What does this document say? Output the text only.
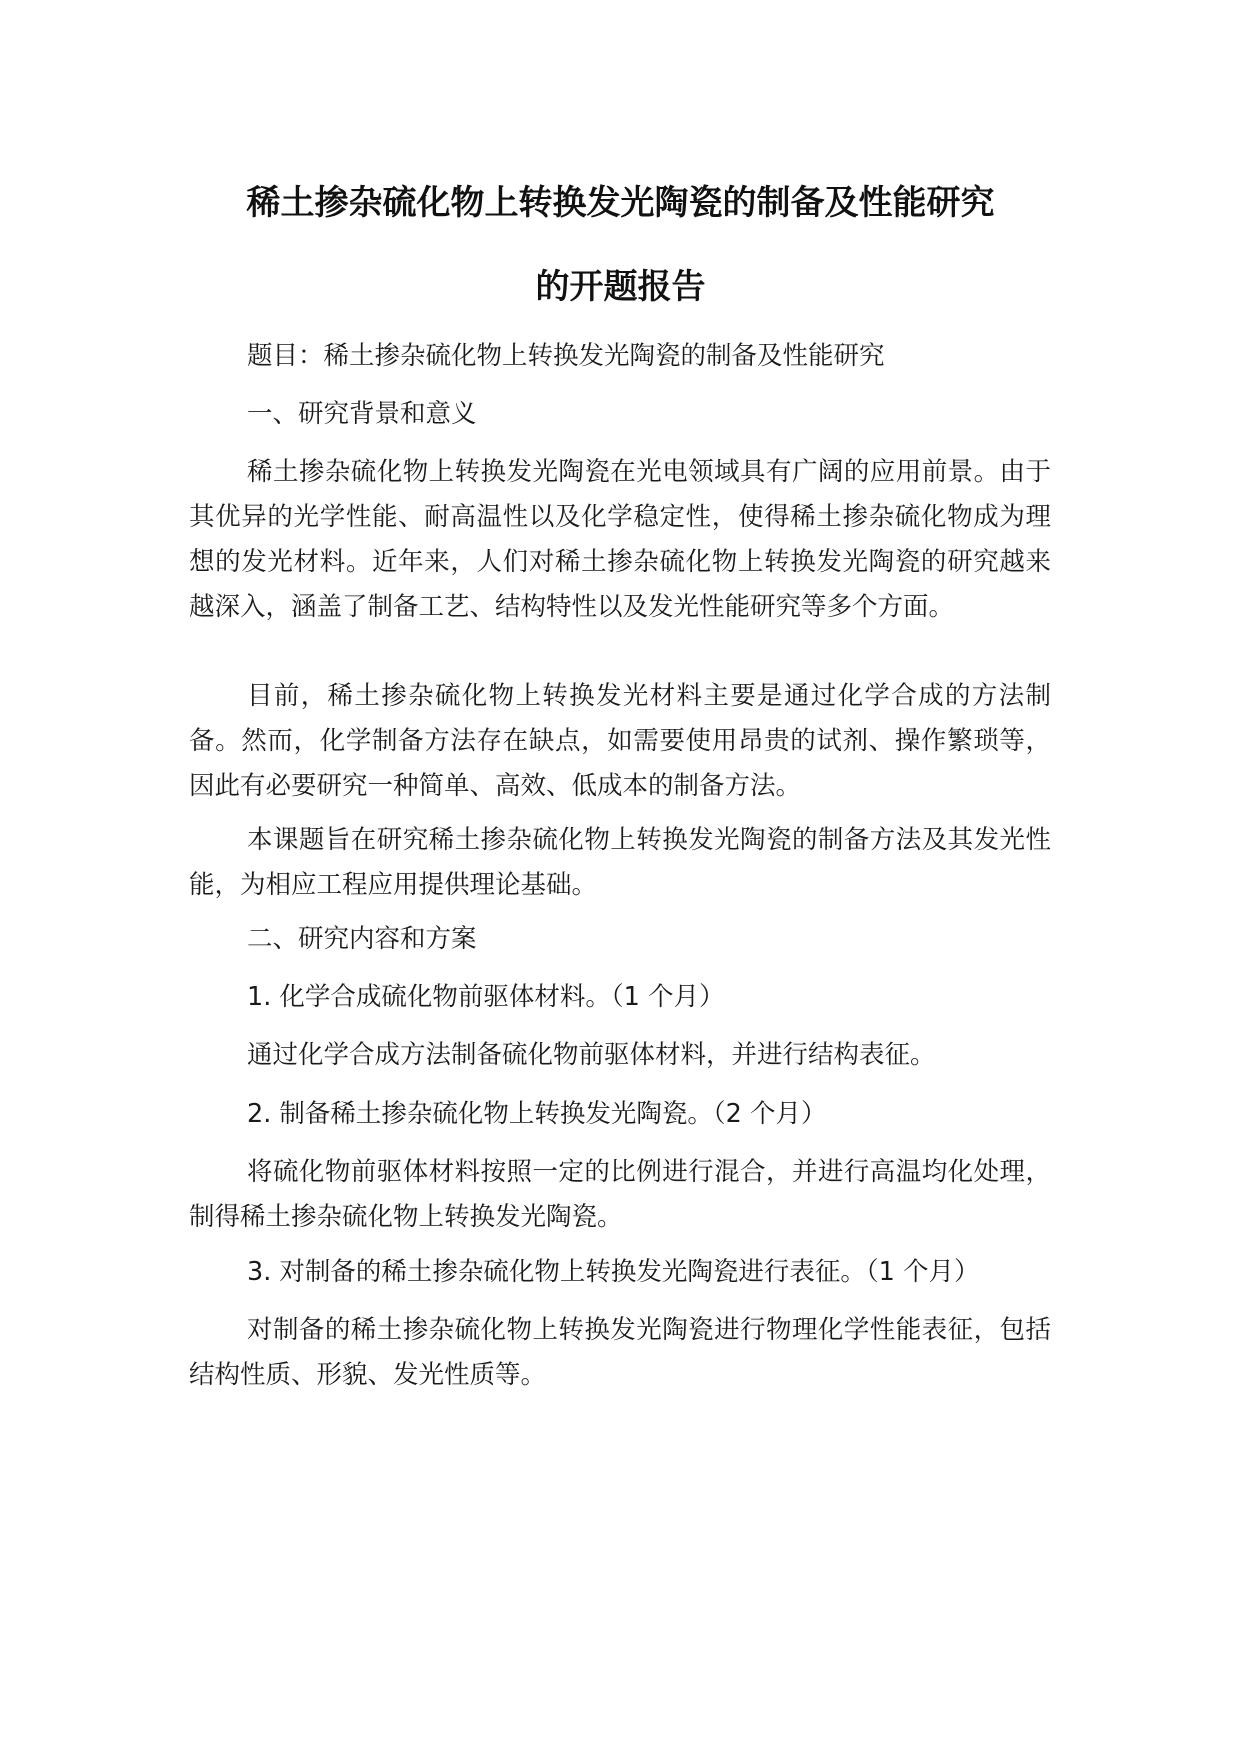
稀土掺杂硫化物上转换发光陶瓷的制备及性能研究
的开题报告

题目：稀土掺杂硫化物上转换发光陶瓷的制备及性能研究

一、研究背景和意义

稀土掺杂硫化物上转换发光陶瓷在光电领域具有广阔的应用前景。由于其优异的光学性能、耐高温性以及化学稳定性，使得稀土掺杂硫化物成为理想的发光材料。近年来，人们对稀土掺杂硫化物上转换发光陶瓷的研究越来越深入，涵盖了制备工艺、结构特性以及发光性能研究等多个方面。

目前，稀土掺杂硫化物上转换发光材料主要是通过化学合成的方法制备。然而，化学制备方法存在缺点，如需要使用昂贵的试剂、操作繁琐等，因此有必要研究一种简单、高效、低成本的制备方法。

本课题旨在研究稀土掺杂硫化物上转换发光陶瓷的制备方法及其发光性能，为相应工程应用提供理论基础。

二、研究内容和方案

1. 化学合成硫化物前驱体材料。（1 个月）

通过化学合成方法制备硫化物前驱体材料，并进行结构表征。

2. 制备稀土掺杂硫化物上转换发光陶瓷。（2 个月）

将硫化物前驱体材料按照一定的比例进行混合，并进行高温均化处理，制得稀土掺杂硫化物上转换发光陶瓷。

3. 对制备的稀土掺杂硫化物上转换发光陶瓷进行表征。（1 个月）

对制备的稀土掺杂硫化物上转换发光陶瓷进行物理化学性能表征，包括结构性质、形貌、发光性质等。
